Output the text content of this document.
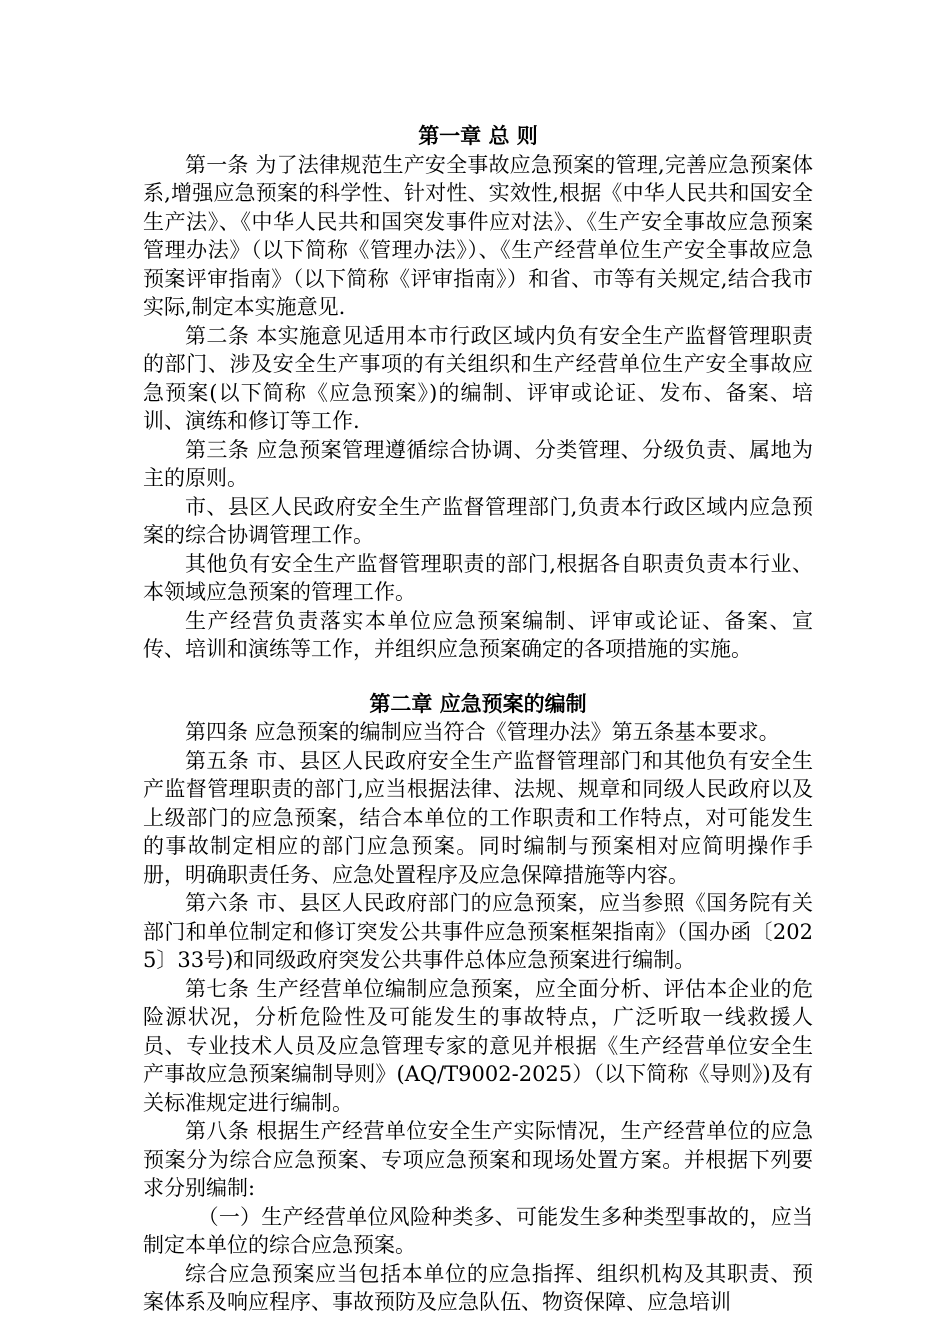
第一章 总 则

第一条 为了法律规范生产安全事故应急预案的管理,完善应急预案体系,增强应急预案的科学性、针对性、实效性,根据《中华人民共和国安全生产法》、《中华人民共和国突发事件应对法》、《生产安全事故应急预案管理办法》（以下简称《管理办法》）、《生产经营单位生产安全事故应急预案评审指南》（以下简称《评审指南》）和省、市等有关规定,结合我市实际,制定本实施意见.

第二条 本实施意见适用本市行政区域内负有安全生产监督管理职责的部门、涉及安全生产事项的有关组织和生产经营单位生产安全事故应急预案(以下简称《应急预案》)的编制、评审或论证、发布、备案、培训、演练和修订等工作.

第三条 应急预案管理遵循综合协调、分类管理、分级负责、属地为主的原则。

市、县区人民政府安全生产监督管理部门,负责本行政区域内应急预案的综合协调管理工作。

其他负有安全生产监督管理职责的部门,根据各自职责负责本行业、本领域应急预案的管理工作。

生产经营负责落实本单位应急预案编制、评审或论证、备案、宣传、培训和演练等工作，并组织应急预案确定的各项措施的实施。

第二章 应急预案的编制

第四条 应急预案的编制应当符合《管理办法》第五条基本要求。

第五条 市、县区人民政府安全生产监督管理部门和其他负有安全生产监督管理职责的部门,应当根据法律、法规、规章和同级人民政府以及上级部门的应急预案，结合本单位的工作职责和工作特点，对可能发生的事故制定相应的部门应急预案。同时编制与预案相对应简明操作手册，明确职责任务、应急处置程序及应急保障措施等内容。

第六条 市、县区人民政府部门的应急预案，应当参照《国务院有关部门和单位制定和修订突发公共事件应急预案框架指南》（国办函〔2025〕33号)和同级政府突发公共事件总体应急预案进行编制。

第七条 生产经营单位编制应急预案，应全面分析、评估本企业的危险源状况，分析危险性及可能发生的事故特点，广泛听取一线救援人员、专业技术人员及应急管理专家的意见并根据《生产经营单位安全生产事故应急预案编制导则》(AQ/T9002-2025）（以下简称《导则》)及有关标准规定进行编制。

第八条 根据生产经营单位安全生产实际情况，生产经营单位的应急预案分为综合应急预案、专项应急预案和现场处置方案。并根据下列要求分别编制:

（一）生产经营单位风险种类多、可能发生多种类型事故的，应当制定本单位的综合应急预案。

综合应急预案应当包括本单位的应急指挥、组织机构及其职责、预案体系及响应程序、事故预防及应急队伍、物资保障、应急培训
